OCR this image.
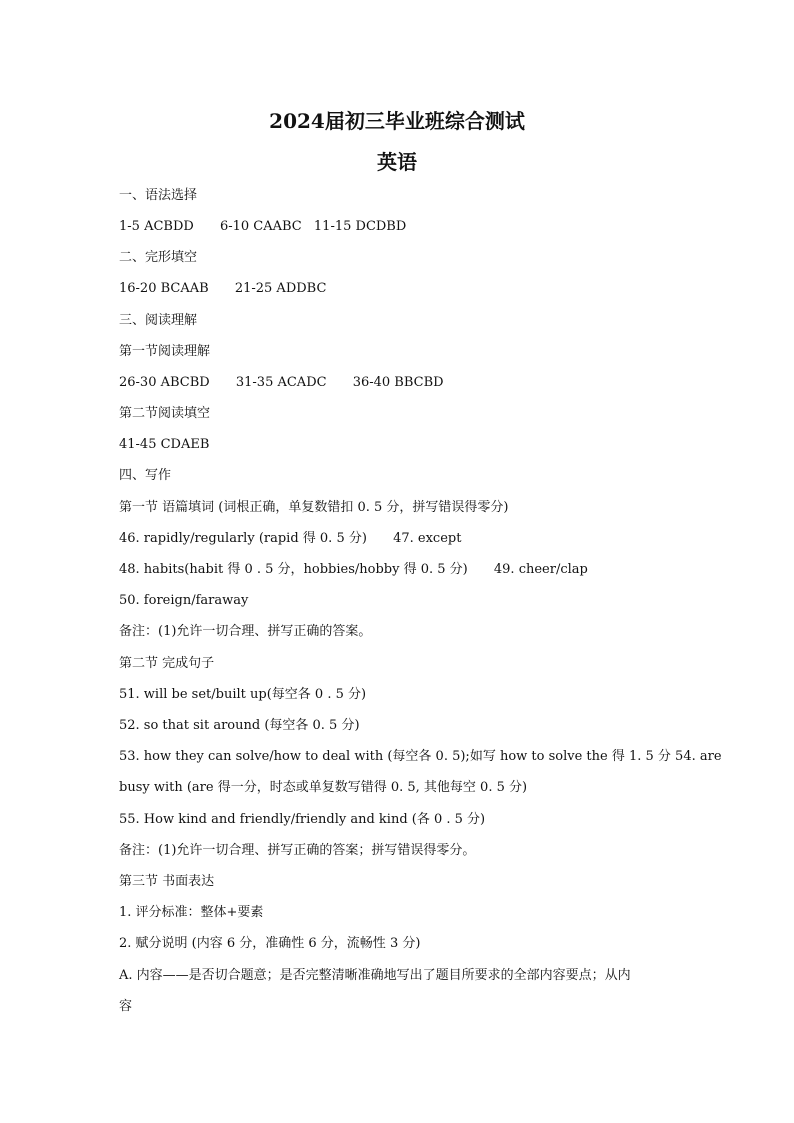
2024届初三毕业班综合测试
英语
一、语法选择
1-5 ACBDD 6-10 CAABC 11-15 DCDBD
二、完形填空
16-20 BCAAB 21-25 ADDBC
三、阅读理解
第一节阅读理解
26-30 ABCBD 31-35 ACADC 36-40 BBCBD
第二节阅读填空
41-45 CDAEB
四、写作
第一节 语篇填词 (词根正确，单复数错扣 0. 5 分，拼写错误得零分)
46. rapidly/regularly (rapid 得 0. 5 分) 47. except
48. habits(habit 得 0 . 5 分，hobbies/hobby 得 0. 5 分) 49. cheer/clap
50. foreign/faraway
备注：(1)允许一切合理、拼写正确的答案。
第二节 完成句子
51. will be set/built up(每空各 0 . 5 分)
52. so that sit around (每空各 0. 5 分)
53. how they can solve/how to deal with (每空各 0. 5);如写 how to solve the 得 1. 5 分 54. are
busy with (are 得一分，时态或单复数写错得 0. 5, 其他每空 0. 5 分)
55. How kind and friendly/friendly and kind (各 0 . 5 分)
备注：(1)允许一切合理、拼写正确的答案；拼写错误得零分。
第三节 书面表达
1. 评分标准：整体+要素
2. 赋分说明 (内容 6 分，准确性 6 分，流畅性 3 分)
A. 内容——是否切合题意；是否完整清晰准确地写出了题目所要求的全部内容要点；从内
容
